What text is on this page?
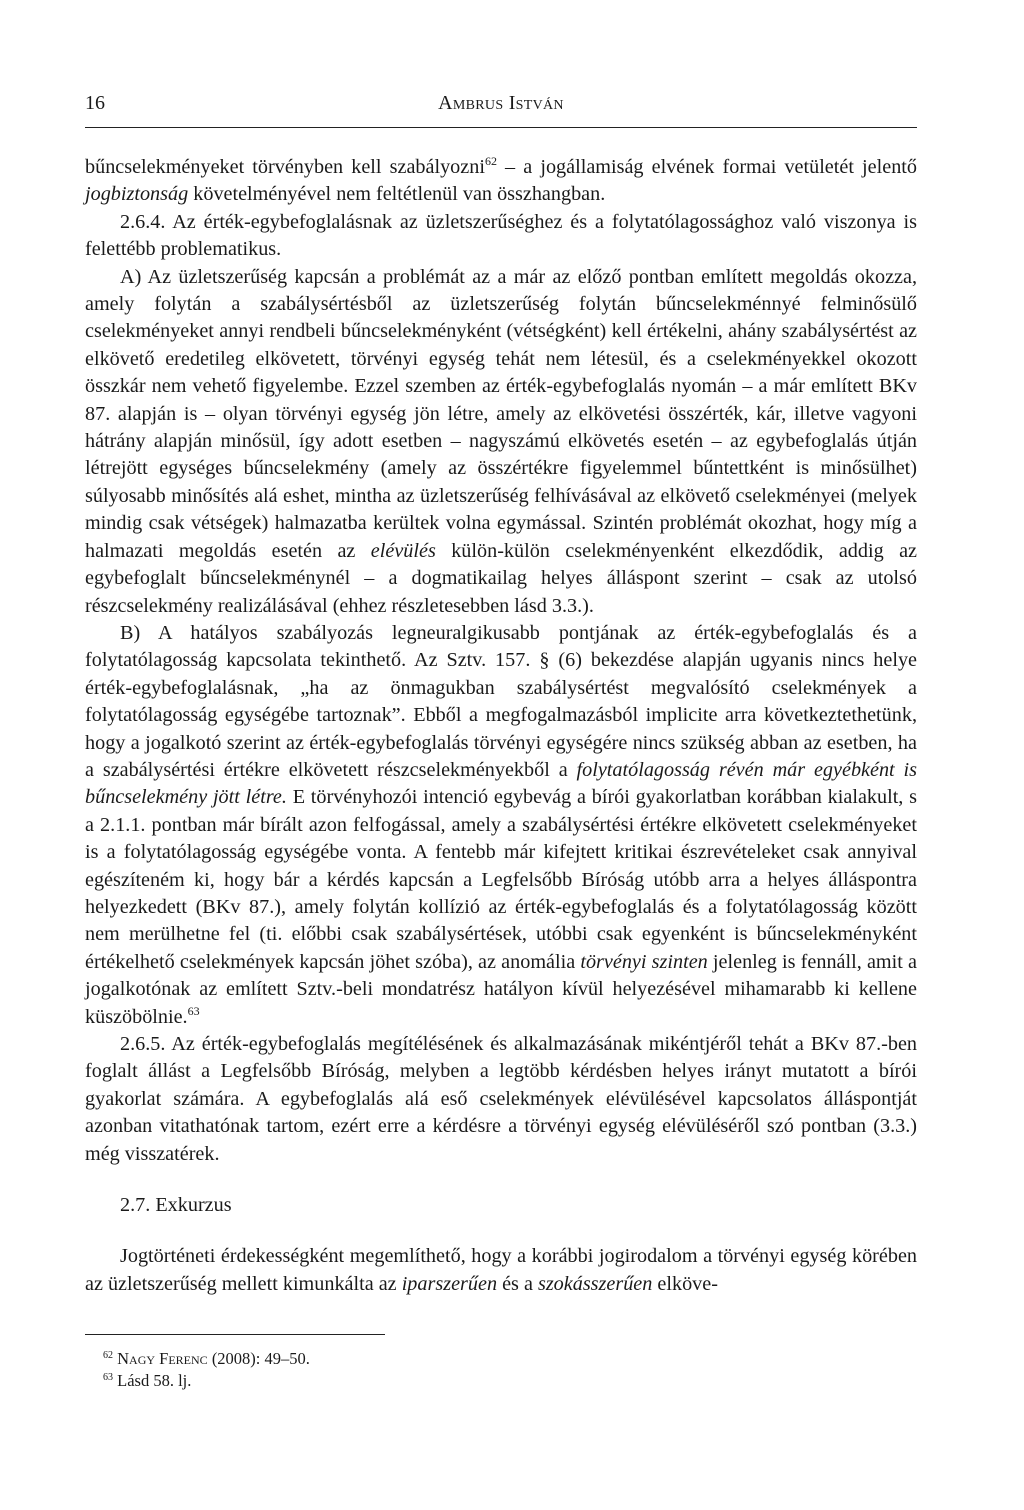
16	Ambrus István

bűncselekményeket törvényben kell szabályozni$^{62}$ – a jogállamiság elvének formai vetületét jelentő jogbiztonság követelményével nem feltétlenül van összhangban.

2.6.4. Az érték-egybefoglalásnak az üzletszerűséghez és a folytatólagossághoz való viszonya is felettébb problematikus.

A) Az üzletszerűség kapcsán a problémát az a már az előző pontban említett megoldás okozza, amely folytán a szabálysértésből az üzletszerűség folytán bűncselekménnyé felminősülő cselekményeket annyi rendbeli bűncselekményként (vétségként) kell értékelni, ahány szabálysértést az elkövető eredetileg elkövetett, törvényi egység tehát nem létesül, és a cselekményekkel okozott összkár nem vehető figyelembe. Ezzel szemben az érték-egybefoglalás nyomán – a már említett BKv 87. alapján is – olyan törvényi egység jön létre, amely az elkövetési összérték, kár, illetve vagyoni hátrány alapján minősül, így adott esetben – nagyszámú elkövetés esetén – az egybefoglalás útján létrejött egységes bűncselekmény (amely az összértékre figyelemmel bűntettként is minősülhet) súlyosabb minősítés alá eshet, mintha az üzletszerűség felhívásával az elkövető cselekményei (melyek mindig csak vétségek) halmazatba kerültek volna egymással. Szintén problémát okozhat, hogy míg a halmazati megoldás esetén az elévülés külön-külön cselekményenként elkezdődik, addig az egybefoglalt bűncselekménynél – a dogmatikailag helyes álláspont szerint – csak az utolsó részcselekmény realizálásával (ehhez részletesebben lásd 3.3.).

B) A hatályos szabályozás legneuralgikusabb pontjának az érték-egybefoglalás és a folytatólagosság kapcsolata tekinthető. Az Sztv. 157. § (6) bekezdése alapján ugyanis nincs helye érték-egybefoglalásnak, „ha az önmagukban szabálysértést megvalósító cselekmények a folytatólagosság egységébe tartoznak”. Ebből a megfogalmazásból implicite arra következtethetünk, hogy a jogalkotó szerint az érték-egybefoglalás törvényi egységére nincs szükség abban az esetben, ha a szabálysértési értékre elkövetett részcselekményekből a folytatólagosság révén már egyébként is bűncselekmény jött létre. E törvényhozói intenció egybevág a bírói gyakorlatban korábban kialakult, s a 2.1.1. pontban már bírált azon felfogással, amely a szabálysértési értékre elkövetett cselekményeket is a folytatólagosság egységébe vonta. A fentebb már kifejtett kritikai észrevételeket csak annyival egészíteném ki, hogy bár a kérdés kapcsán a Legfelsőbb Bíróság utóbb arra a helyes álláspontra helyezkedett (BKv 87.), amely folytán kollízió az érték-egybefoglalás és a folytatólagosság között nem merülhetne fel (ti. előbbi csak szabálysértések, utóbbi csak egyenként is bűncselekményként értékelhető cselekmények kapcsán jöhet szóba), az anomália törvényi szinten jelenleg is fennáll, amit a jogalkotónak az említett Sztv.-beli mondatrész hatályon kívül helyezésével mihamarabb ki kellene küszöbölnie.$^{63}$

2.6.5. Az érték-egybefoglalás megítélésének és alkalmazásának mikéntjéről tehát a BKv 87.-ben foglalt állást a Legfelsőbb Bíróság, melyben a legtöbb kérdésben helyes irányt mutatott a bírói gyakorlat számára. A egybefoglalás alá eső cselekmények elévülésével kapcsolatos álláspontját azonban vitathatónak tartom, ezért erre a kérdésre a törvényi egység elévüléséről szó pontban (3.3.) még visszatérek.

2.7. Exkurzus

Jogtörténeti érdekességként megemlíthető, hogy a korábbi jogirodalom a törvényi egység körében az üzletszerűség mellett kimunkálta az iparszerűen és a szokásszerűen elköve-

$^{62}$ Nagy Ferenc (2008): 49–50.

$^{63}$ Lásd 58. lj.
